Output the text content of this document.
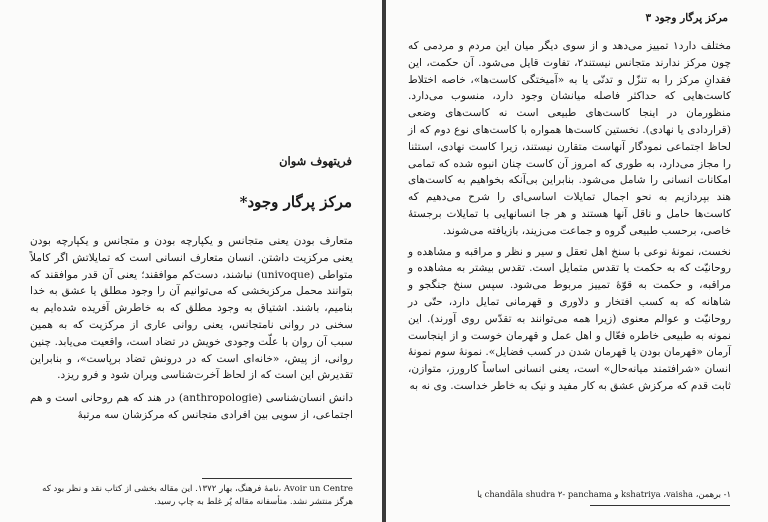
فریتهوف شوان

مرکز پرگار وجود*

متعارف بودن یعنی متجانس و یکپارچه بودن و متجانس و یکپارچه بودن یعنی مرکزیت داشتن. انسان متعارف انسانی است که تمایلاتش اگر کاملاً متواطی (univoque) نباشند، دست‌کم موافقند؛ یعنی آن قدر موافقند که بتوانند محمل مرکزبخشی که می‌توانیم آن را وجود مطلق یا عشق به خدا بنامیم، باشند. اشتیاق به وجود مطلق که به خاطرش آفریده شده‌ایم به سخنی در روانی نامتجانس، یعنی روانی عاری از مرکزیت که به همین سبب آن روان با علّت وجودی خویش در تضاد است، واقعیت می‌یابد. چنین روانی، از پیش، «خانه‌ای است که در درونش تضاد برپاست»، و بنابراین تقدیرش این است که از لحاظ آخرت‌شناسی ویران شود و فرو ریزد.

دانش انسان‌شناسی (anthropologie) در هند که هم روحانی است و هم اجتماعی، از سویی بین افرادی متجانس که مرکزشان سه مرتبهٔ

Avoir un Centre ،نامهٔ فرهنگ، بهار ۱۳۷۲. این مقاله بخشی از کتاب نقد و نظر بود که هرگز منتشر نشد. متأسفانه مقاله پُر غلط به چاپ رسید.

مرکز پرگار وجود ۳

مختلف دارد۱ تمییز می‌دهد و از سوی دیگر میان این مردم و مردمی که چون مرکز ندارند متجانس نیستند۲، تفاوت قایل می‌شود. آن حکمت، این فقدانِ مرکز را به تنزّل و تدنّی یا به «آمیختگی کاست‌ها»، خاصه اختلاط کاست‌هایی که حداکثر فاصله میانشان وجود دارد، منسوب می‌دارد. منظورمان در اینجا کاست‌های طبیعی است نه کاست‌های وضعی (قراردادی یا نهادی). نخستین کاست‌ها همواره با کاست‌های نوع دوم که از لحاظ اجتماعی نمودگار آنهاست متقارن نیستند، زیرا کاست نهادی، استثنا را مجاز می‌دارد، به طوری که امروز آن کاست چنان انبوه شده که تمامی امکانات انسانی را شامل می‌شود. بنابراین بی‌آنکه بخواهیم به کاست‌های هند بپردازیم به نحو اجمال تمایلات اساسی‌ای را شرح می‌دهیم که کاست‌ها حامل و ناقل آنها هستند و هر جا انسانهایی با تمایلات برجستهٔ خاصی، برحسب طبیعی گروه و جماعت می‌زیند، بازیافته می‌شوند.

نخست، نمونهٔ نوعی با سنخ اهل تعقل و سیر و نظر و مراقبه و مشاهده و روحانیّت که به حکمت یا تقدس متمایل است. تقدس بیشتر به مشاهده و مراقبه، و حکمت به قوّهٔ تمییز مربوط می‌شود. سپس سنخ جنگجو و شاهانه که به کسب افتخار و دلاوری و قهرمانی تمایل دارد، حتّی در روحانیّت و عوالم معنوی (زیرا همه می‌توانند به تقدّس روی آورند). این نمونه به طبیعی خاطره فعّال و اهل عمل و قهرمان خوست و از اینجاست آرمان «قهرمان بودن یا قهرمان شدن در کسب فضایل». نمونهٔ سوم نمونهٔ انسان «شرافتمند میانه‌حال» است، یعنی انسانی اساساً کارورز، متوازن، ثابت قدم که مرکزش عشق به کار مفید و نیک به خاطر خداست. وی نه به

۱- برهمن، kshatriya ،vaisha و chandāla shudra ۲- panchama یا
